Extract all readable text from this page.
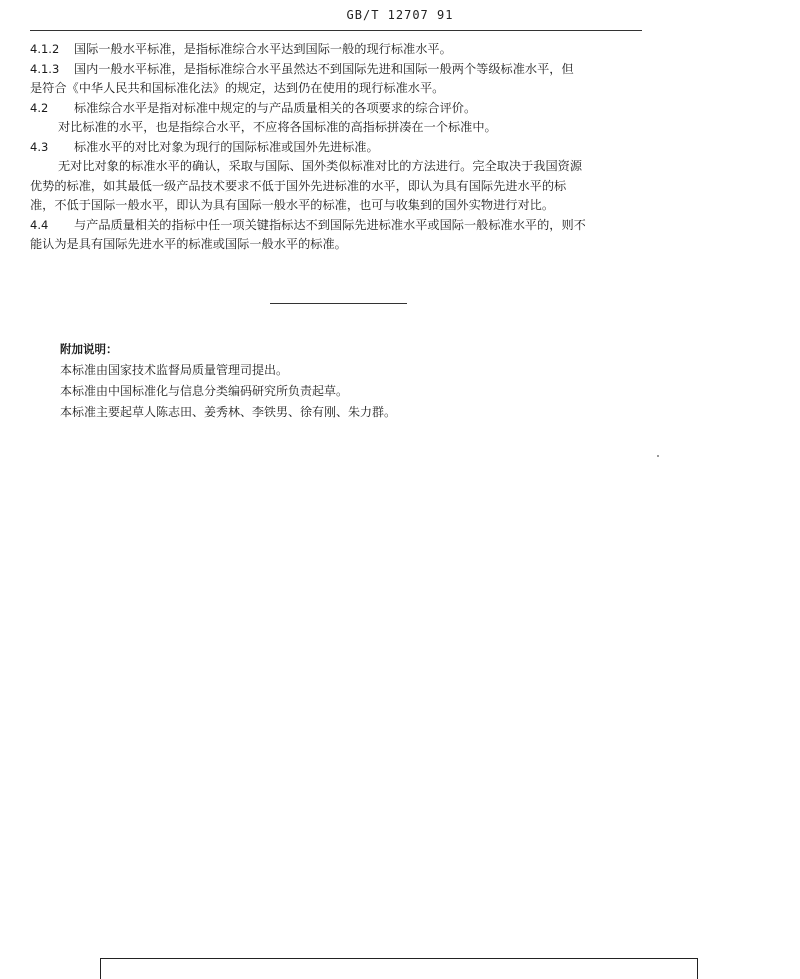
GB/T 12707 91

4.1.2 国际一般水平标准，是指标准综合水平达到国际一般的现行标准水平。

4.1.3 国内一般水平标准，是指标准综合水平虽然达不到国际先进和国际一般两个等级标准水平，但

是符合《中华人民共和国标准化法》的规定，达到仍在使用的现行标准水平。

4.2 标准综合水平是指对标准中规定的与产品质量相关的各项要求的综合评价。

对比标准的水平，也是指综合水平，不应将各国标准的高指标拼凑在一个标准中。

4.3 标准水平的对比对象为现行的国际标准或国外先进标准。

无对比对象的标准水平的确认，采取与国际、国外类似标准对比的方法进行。完全取决于我国资源

优势的标准，如其最低一级产品技术要求不低于国外先进标准的水平，即认为具有国际先进水平的标

准，不低于国际一般水平，即认为具有国际一般水平的标准，也可与收集到的国外实物进行对比。

4.4 与产品质量相关的指标中任一项关键指标达不到国际先进标准水平或国际一般标准水平的，则不

能认为是具有国际先进水平的标准或国际一般水平的标准。

附加说明：

本标准由国家技术监督局质量管理司提出。

本标准由中国标准化与信息分类编码研究所负责起草。

本标准主要起草人陈志田、姜秀林、李铁男、徐有刚、朱力群。
